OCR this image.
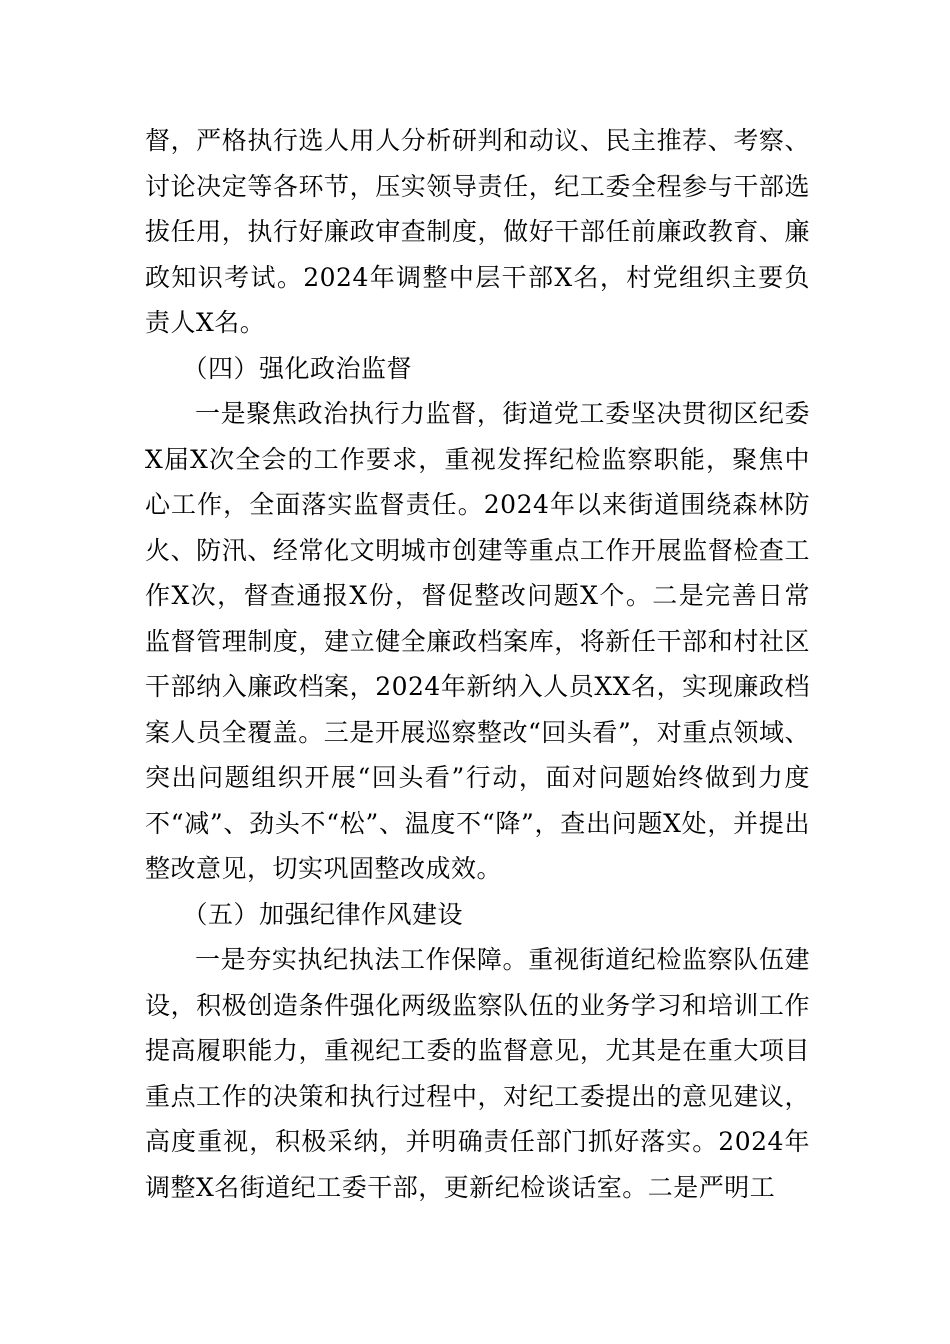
督，严格执行选人用人分析研判和动议、民主推荐、考察、讨论决定等各环节，压实领导责任，纪工委全程参与干部选拔任用，执行好廉政审查制度，做好干部任前廉政教育、廉政知识考试。2024年调整中层干部X名，村党组织主要负责人X名。

（四）强化政治监督

一是聚焦政治执行力监督，街道党工委坚决贯彻区纪委X届X次全会的工作要求，重视发挥纪检监察职能，聚焦中心工作，全面落实监督责任。2024年以来街道围绕森林防火、防汛、经常化文明城市创建等重点工作开展监督检查工作X次，督查通报X份，督促整改问题X个。二是完善日常监督管理制度，建立健全廉政档案库，将新任干部和村社区干部纳入廉政档案，2024年新纳入人员XX名，实现廉政档案人员全覆盖。三是开展巡察整改“回头看”，对重点领域、突出问题组织开展“回头看”行动，面对问题始终做到力度不“减”、劲头不“松”、温度不“降”，查出问题X处，并提出整改意见，切实巩固整改成效。

（五）加强纪律作风建设

一是夯实执纪执法工作保障。重视街道纪检监察队伍建设，积极创造条件强化两级监察队伍的业务学习和培训工作提高履职能力，重视纪工委的监督意见，尤其是在重大项目重点工作的决策和执行过程中，对纪工委提出的意见建议，高度重视，积极采纳，并明确责任部门抓好落实。2024年调整X名街道纪工委干部，更新纪检谈话室。二是严明工
